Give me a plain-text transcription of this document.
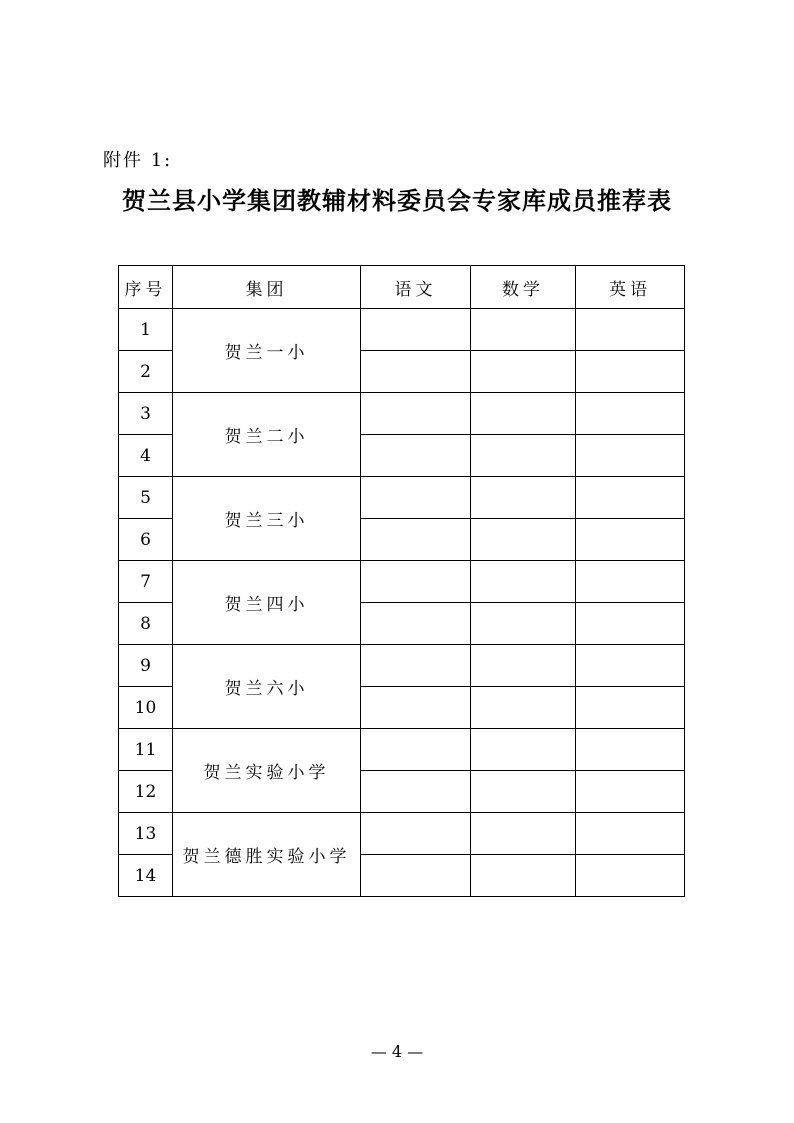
附件 1:
贺兰县小学集团教辅材料委员会专家库成员推荐表
序号	集团	语文	数学	英语
1	贺兰一小			
2				
3	贺兰二小			
4				
5	贺兰三小			
6				
7	贺兰四小			
8				
9	贺兰六小			
10				
11	贺兰实验小学			
12				
13	贺兰德胜实验小学			
14				
— 4 —
